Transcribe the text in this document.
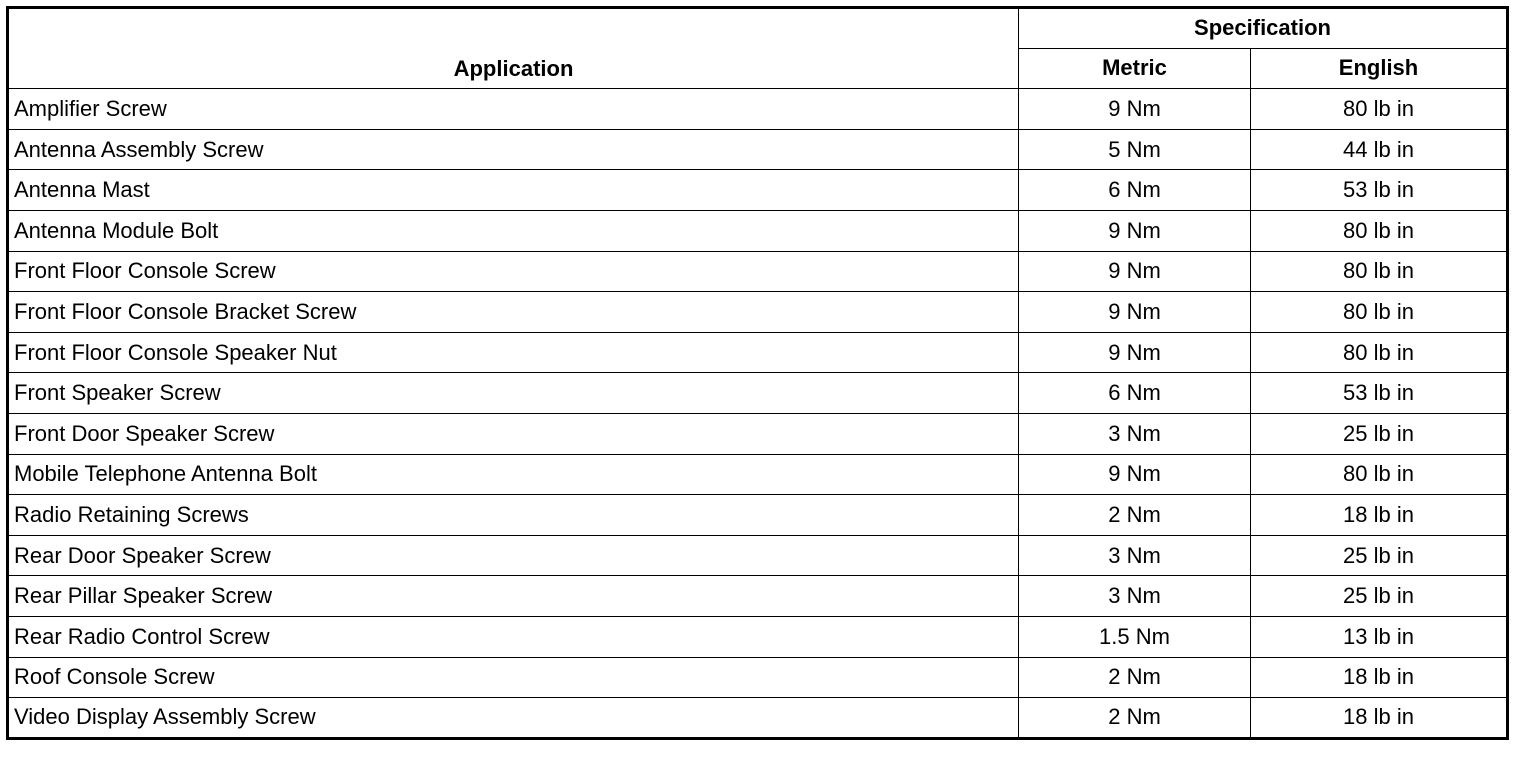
Application	Specification	
	Metric	English
Amplifier Screw	9 Nm	80 lb in
Antenna Assembly Screw	5 Nm	44 lb in
Antenna Mast	6 Nm	53 lb in
Antenna Module Bolt	9 Nm	80 lb in
Front Floor Console Screw	9 Nm	80 lb in
Front Floor Console Bracket Screw	9 Nm	80 lb in
Front Floor Console Speaker Nut	9 Nm	80 lb in
Front Speaker Screw	6 Nm	53 lb in
Front Door Speaker Screw	3 Nm	25 lb in
Mobile Telephone Antenna Bolt	9 Nm	80 lb in
Radio Retaining Screws	2 Nm	18 lb in
Rear Door Speaker Screw	3 Nm	25 lb in
Rear Pillar Speaker Screw	3 Nm	25 lb in
Rear Radio Control Screw	1.5 Nm	13 lb in
Roof Console Screw	2 Nm	18 lb in
Video Display Assembly Screw	2 Nm	18 lb in
